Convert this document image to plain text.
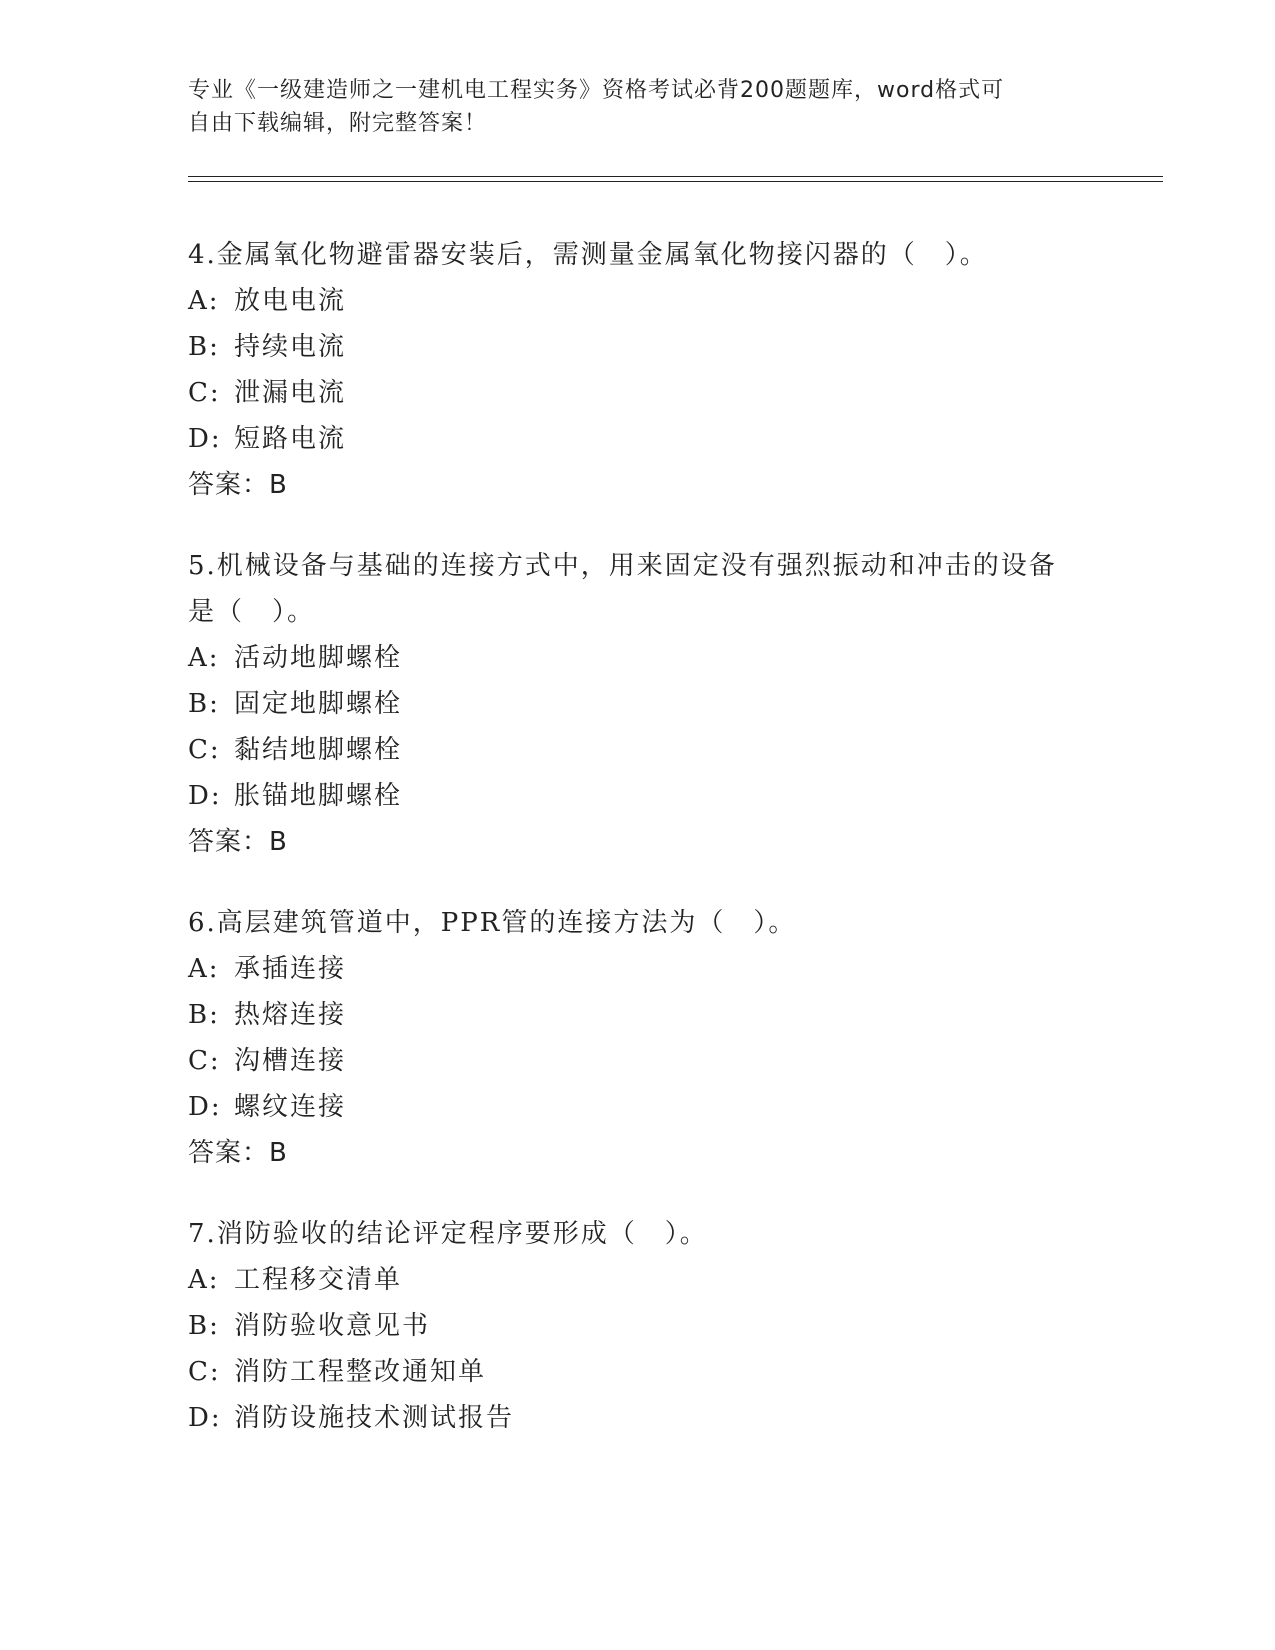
专业《一级建造师之一建机电工程实务》资格考试必背200题题库，word格式可
自由下载编辑，附完整答案！
4.金属氧化物避雷器安装后，需测量金属氧化物接闪器的（　）。
A: 放电电流
B: 持续电流
C: 泄漏电流
D: 短路电流
答案：B
5.机械设备与基础的连接方式中，用来固定没有强烈振动和冲击的设备是（　）。
A: 活动地脚螺栓
B: 固定地脚螺栓
C: 黏结地脚螺栓
D: 胀锚地脚螺栓
答案：B
6.高层建筑管道中，PPR管的连接方法为（　）。
A: 承插连接
B: 热熔连接
C: 沟槽连接
D: 螺纹连接
答案：B
7.消防验收的结论评定程序要形成（　）。
A: 工程移交清单
B: 消防验收意见书
C: 消防工程整改通知单
D: 消防设施技术测试报告
